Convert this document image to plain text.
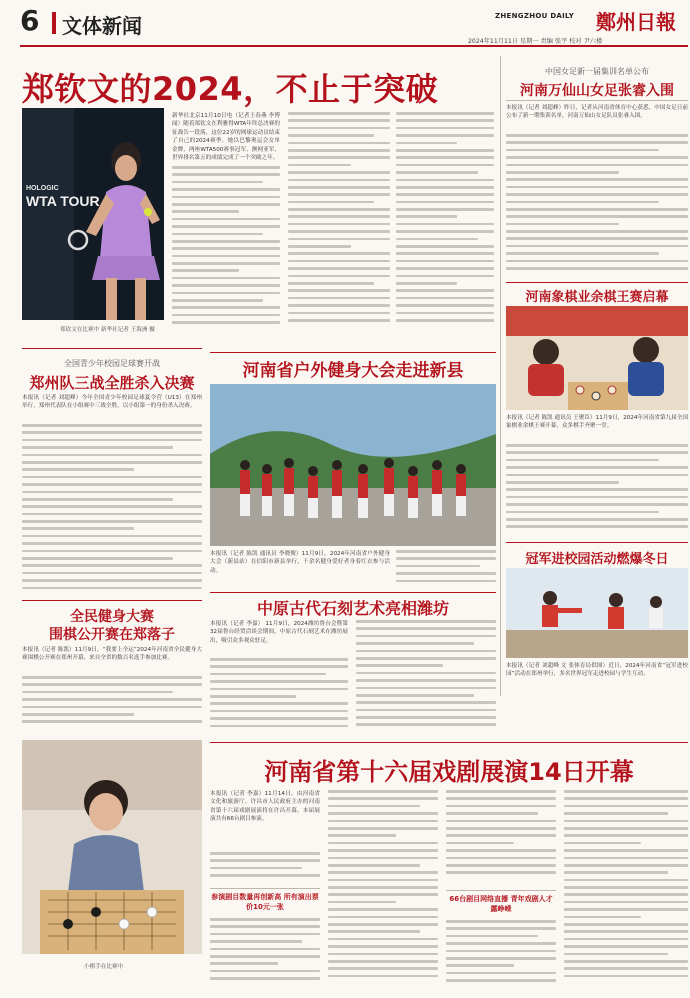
6 文体新闻	ZHENGZHOU DAILY 鄭州日報
2024年11月11日 星期一 责编 张宇 校对 尹六楼
郑钦文的2024，不止于突破
HOLOGIC
WTA TOUR
郑钦文在比赛中 新华社记者 王海洲 摄
新华社北京11月10日电（记者王春燕 李博闻）随着郑钦文在利雅得WTA年终总决赛的征战告一段落，这位22岁的网球运动员结束了自己的2024赛季。她以巴黎奥运会女单金牌、两座WTA500赛事冠军、澳网亚军、世界排名第五的成绩完成了一个突破之年。
中国女足新一届集训名单公布
河南万仙山女足张睿入围
本报讯（记者 刘超峰）昨日，记者从河南省体育中心获悉，中国女足日前公布了新一期集训名单，河南万仙山女足队员张睿入围。
河南象棋业余棋王赛启幕
本报讯（记者 陈凯 通讯员 王聚臣）11月9日，2024年河南省第九届全国象棋业余棋王赛开幕，众多棋手齐聚一堂。
冠军进校园活动燃爆冬日
本报讯（记者 刘超峰 文 张体育局供图）近日，2024年河南省“冠军进校园”活动在郑州举行，多名世界冠军走进校园与学生互动。
全国青少年校园足球赛开战
郑州队三战全胜杀入决赛
本报讯（记者 刘超峰）今年全国青少年校园足球夏令营（U13）在郑州举行，郑州代表队在小组赛中三战全胜，以小组第一的身份杀入决赛。
全民健身大赛
围棋公开赛在郑落子
本报讯（记者 陈凯）11月9日，“我要上全运”2024年河南省全民健身大赛围棋公开赛在郑州开幕，来自全省的数百名选手参加比赛。
河南省户外健身大会走进新县
本报讯（记者 陈凯 通讯员 李晓俊）11月9日，2024年河南省户外健身大会（新县站）在信阳市新县举行，千余名健身爱好者身着红衣参与活动。
中原古代石刻艺术亮相潍坊
本报讯（记者 李嘉） 11月9日，2024潍坊鲁台会暨第32届鲁台经贸洽谈会期间，中原古代石刻艺术在潍坊展出，吸引众多观众驻足。
小棋手在比赛中
河南省第十六届戏剧展演14日开幕
本报讯（记者 李嘉）11月14日，由河南省文化和旅游厅、许昌市人民政府主办的河南省第十六届戏剧展演将在许昌开幕，本届展演共有66台剧目参演。
参演剧目数量再创新高 所有演出票价10元一张
66台剧目网络直播 青年戏剧人才露峥嵘
